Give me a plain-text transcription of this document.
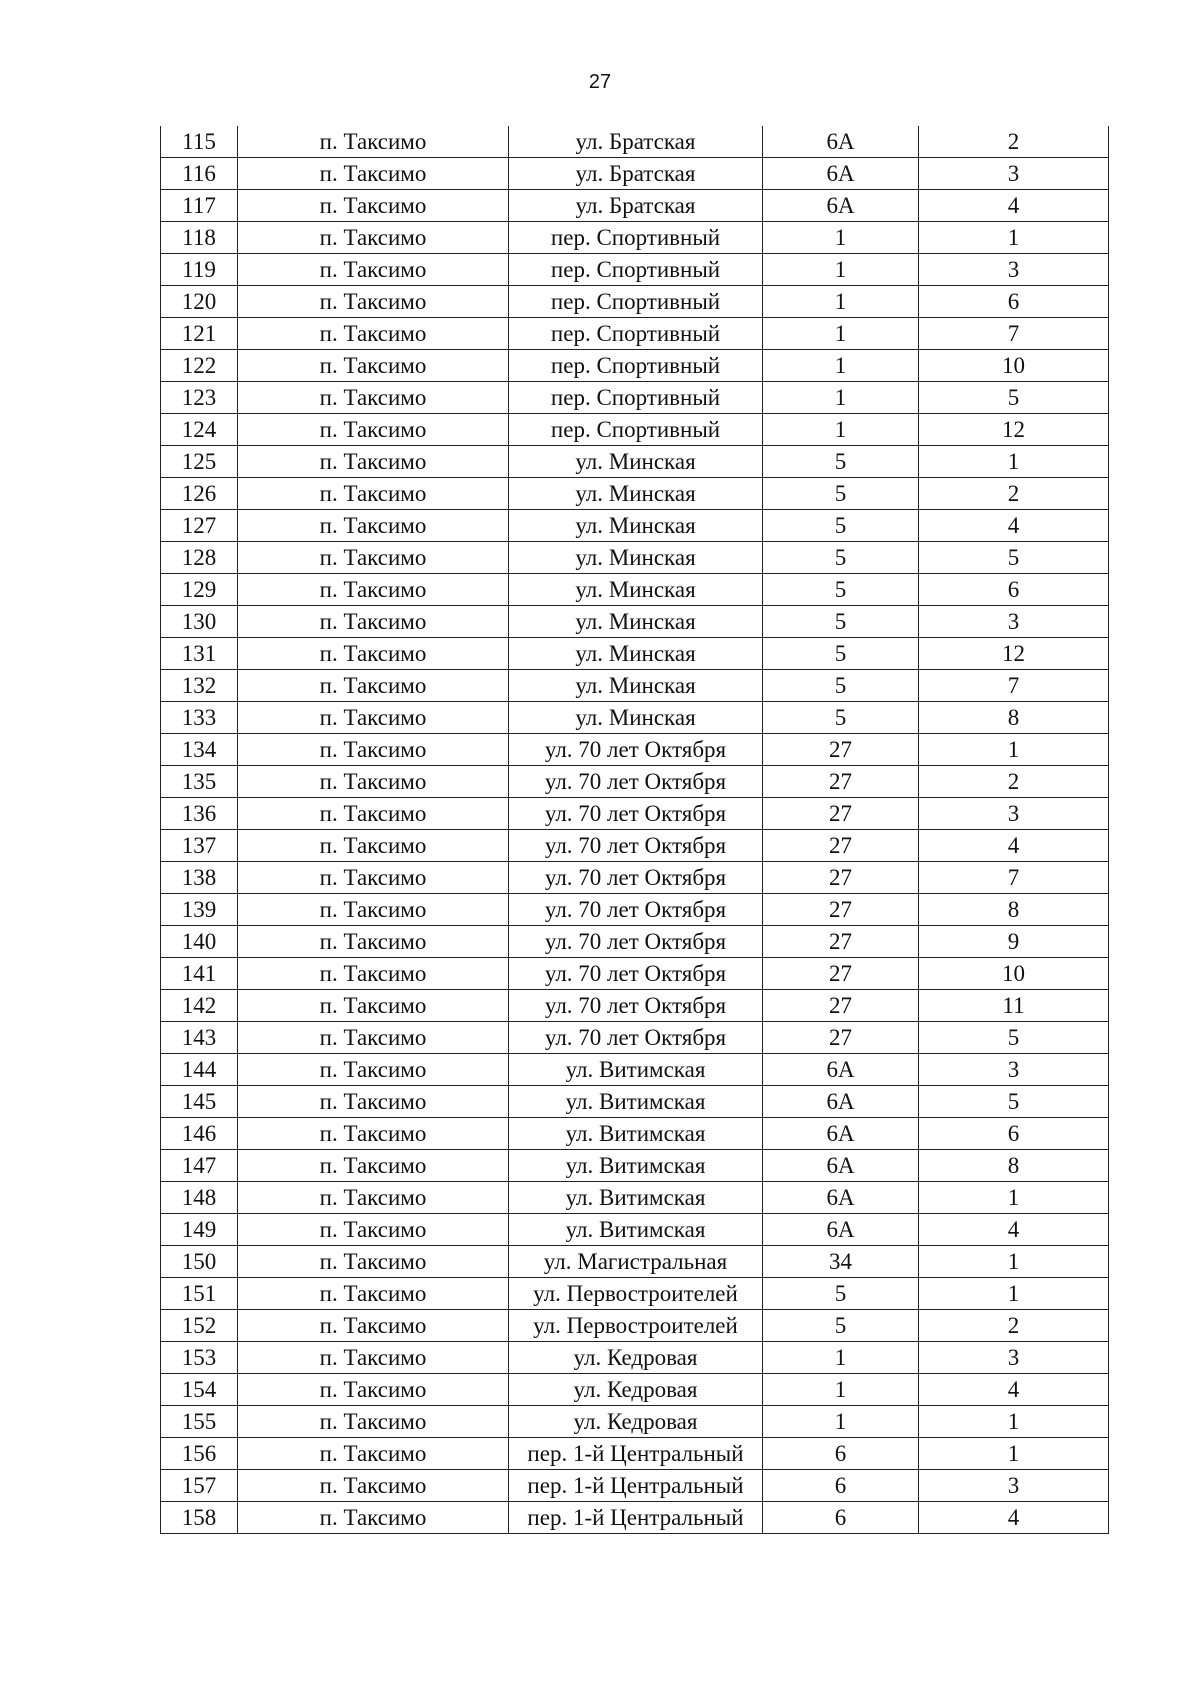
27
115	п. Таксимо	ул. Братская	6А	2
116	п. Таксимо	ул. Братская	6А	3
117	п. Таксимо	ул. Братская	6А	4
118	п. Таксимо	пер. Спортивный	1	1
119	п. Таксимо	пер. Спортивный	1	3
120	п. Таксимо	пер. Спортивный	1	6
121	п. Таксимо	пер. Спортивный	1	7
122	п. Таксимо	пер. Спортивный	1	10
123	п. Таксимо	пер. Спортивный	1	5
124	п. Таксимо	пер. Спортивный	1	12
125	п. Таксимо	ул. Минская	5	1
126	п. Таксимо	ул. Минская	5	2
127	п. Таксимо	ул. Минская	5	4
128	п. Таксимо	ул. Минская	5	5
129	п. Таксимо	ул. Минская	5	6
130	п. Таксимо	ул. Минская	5	3
131	п. Таксимо	ул. Минская	5	12
132	п. Таксимо	ул. Минская	5	7
133	п. Таксимо	ул. Минская	5	8
134	п. Таксимо	ул. 70 лет Октября	27	1
135	п. Таксимо	ул. 70 лет Октября	27	2
136	п. Таксимо	ул. 70 лет Октября	27	3
137	п. Таксимо	ул. 70 лет Октября	27	4
138	п. Таксимо	ул. 70 лет Октября	27	7
139	п. Таксимо	ул. 70 лет Октября	27	8
140	п. Таксимо	ул. 70 лет Октября	27	9
141	п. Таксимо	ул. 70 лет Октября	27	10
142	п. Таксимо	ул. 70 лет Октября	27	11
143	п. Таксимо	ул. 70 лет Октября	27	5
144	п. Таксимо	ул. Витимская	6А	3
145	п. Таксимо	ул. Витимская	6А	5
146	п. Таксимо	ул. Витимская	6А	6
147	п. Таксимо	ул. Витимская	6А	8
148	п. Таксимо	ул. Витимская	6А	1
149	п. Таксимо	ул. Витимская	6А	4
150	п. Таксимо	ул. Магистральная	34	1
151	п. Таксимо	ул. Первостроителей	5	1
152	п. Таксимо	ул. Первостроителей	5	2
153	п. Таксимо	ул. Кедровая	1	3
154	п. Таксимо	ул. Кедровая	1	4
155	п. Таксимо	ул. Кедровая	1	1
156	п. Таксимо	пер. 1-й Центральный	6	1
157	п. Таксимо	пер. 1-й Центральный	6	3
158	п. Таксимо	пер. 1-й Центральный	6	4
